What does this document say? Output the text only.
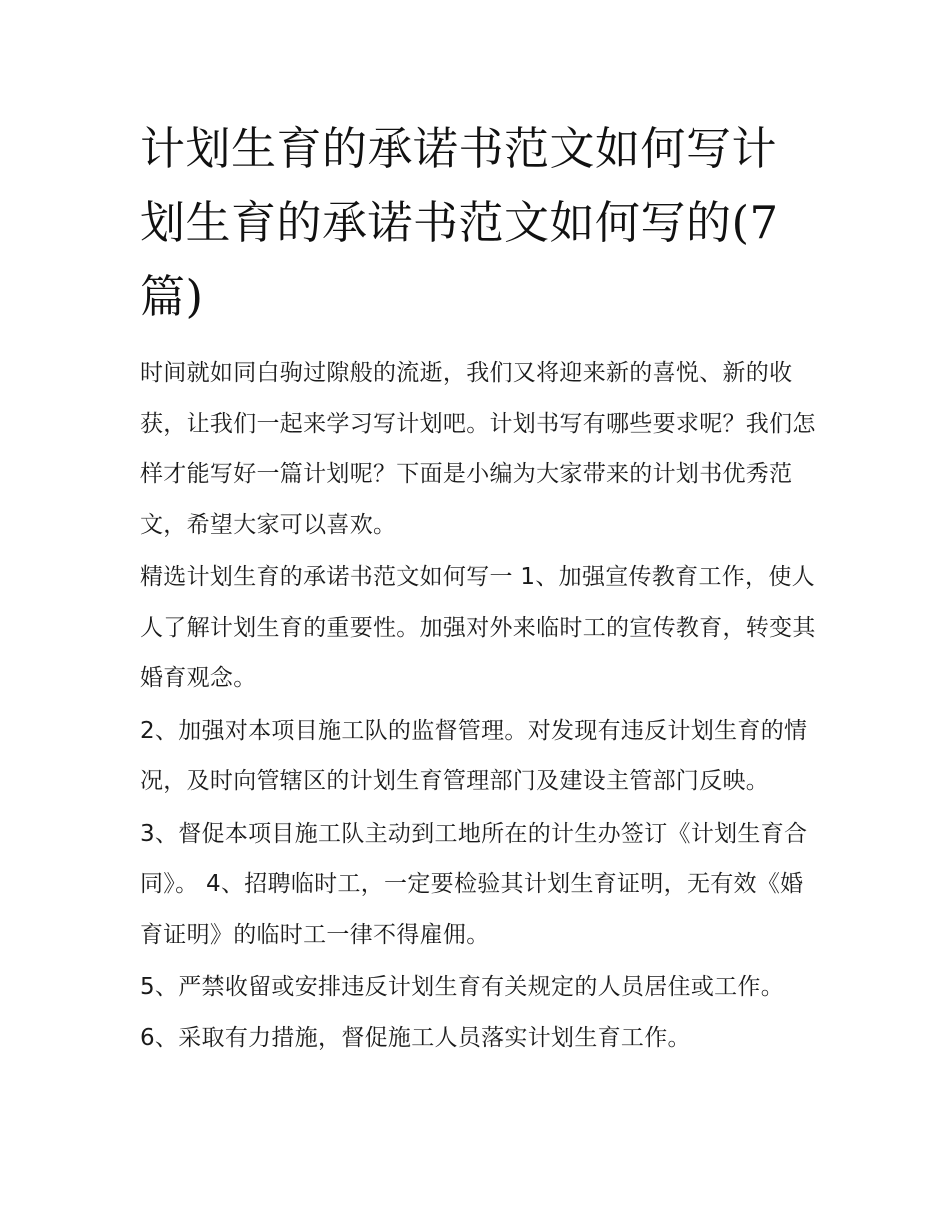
计划生育的承诺书范文如何写计划生育的承诺书范文如何写的(7篇)

时间就如同白驹过隙般的流逝，我们又将迎来新的喜悦、新的收获，让我们一起来学习写计划吧。计划书写有哪些要求呢？我们怎样才能写好一篇计划呢？下面是小编为大家带来的计划书优秀范文，希望大家可以喜欢。

精选计划生育的承诺书范文如何写一 1、加强宣传教育工作，使人人了解计划生育的重要性。加强对外来临时工的宣传教育，转变其婚育观念。

2、加强对本项目施工队的监督管理。对发现有违反计划生育的情况，及时向管辖区的计划生育管理部门及建设主管部门反映。

3、督促本项目施工队主动到工地所在的计生办签订《计划生育合同》。 4、招聘临时工，一定要检验其计划生育证明，无有效《婚育证明》的临时工一律不得雇佣。

5、严禁收留或安排违反计划生育有关规定的人员居住或工作。 6、采取有力措施，督促施工人员落实计划生育工作。
